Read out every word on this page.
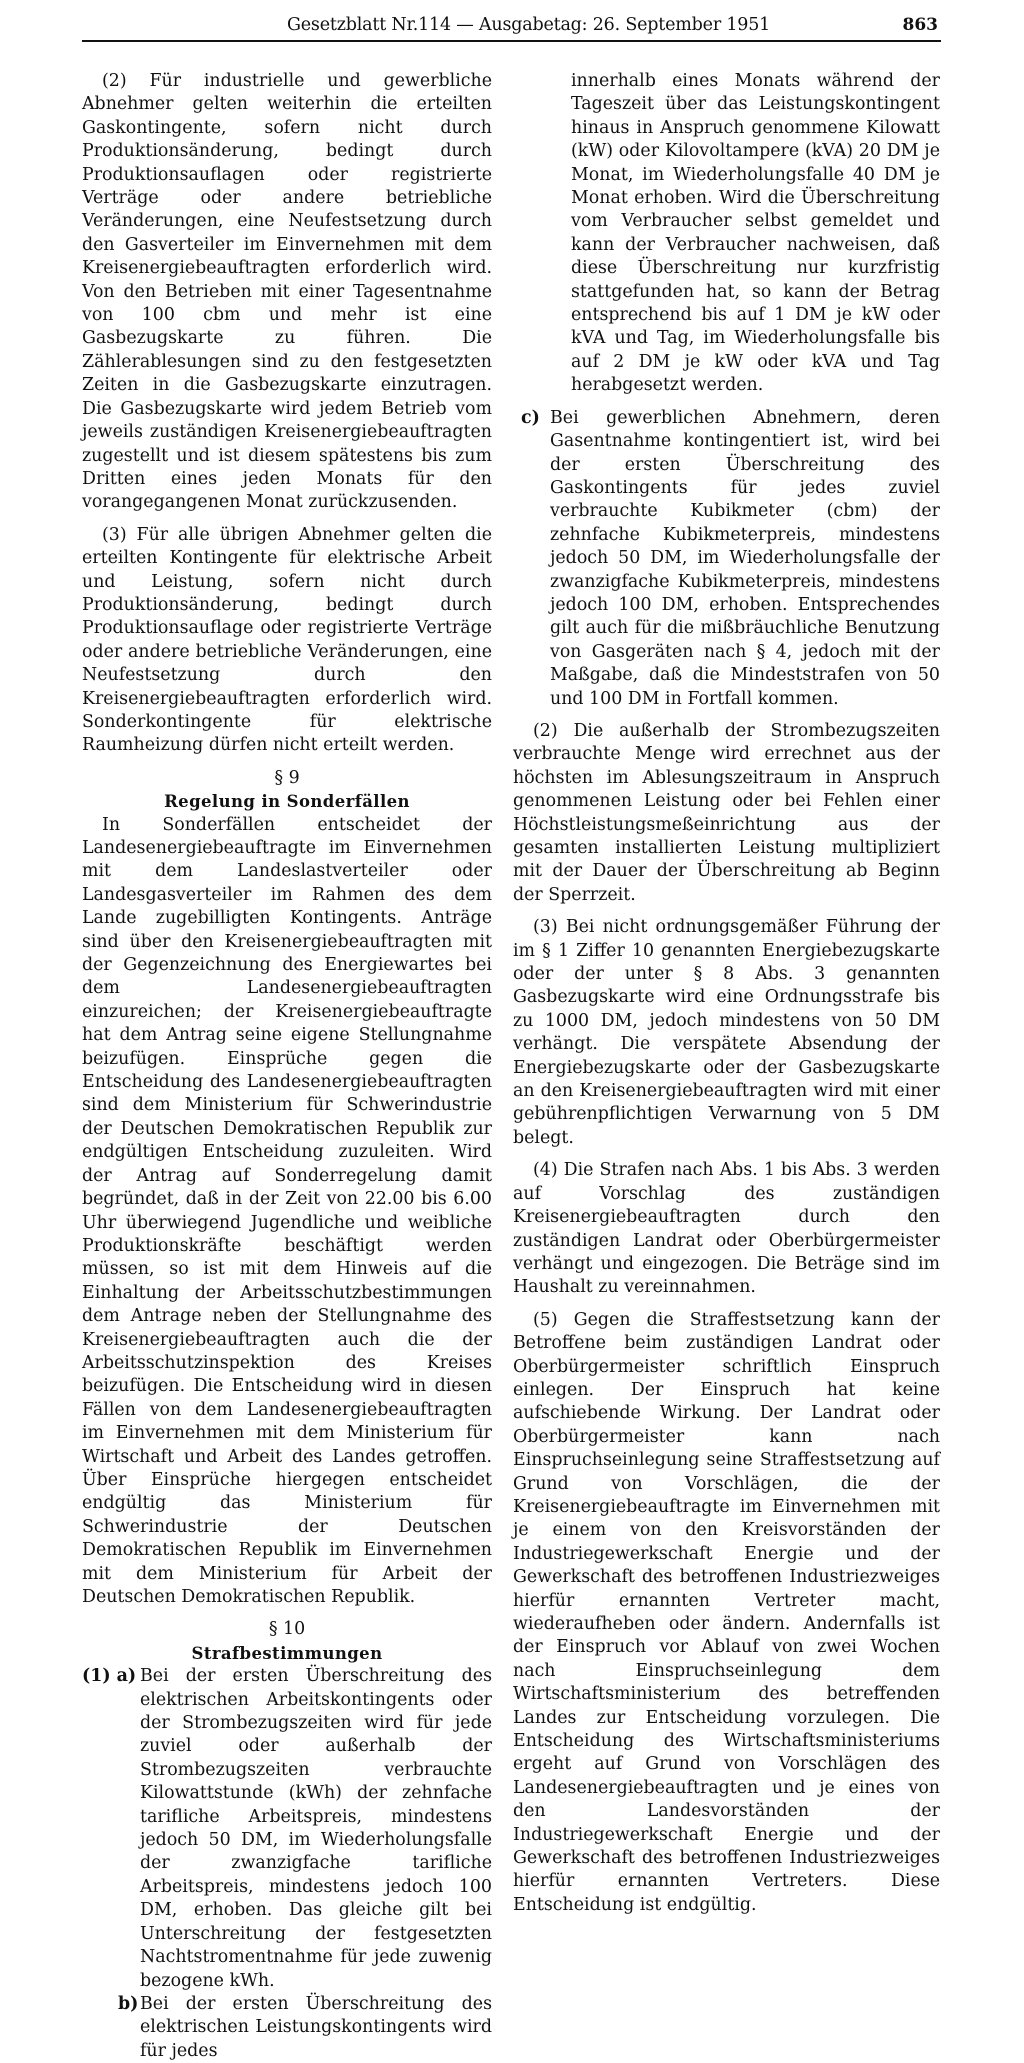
Gesetzblatt Nr.114 — Ausgabetag: 26. September 1951	863

(2) Für industrielle und gewerbliche Abnehmer gelten weiterhin die erteilten Gaskontingente, sofern nicht durch Produktionsänderung, bedingt durch Produktionsauflagen oder registrierte Verträge oder andere betriebliche Veränderungen, eine Neufestsetzung durch den Gasverteiler im Einvernehmen mit dem Kreisenergiebeauftragten erforderlich wird. Von den Betrieben mit einer Tagesentnahme von 100 cbm und mehr ist eine Gasbezugskarte zu führen. Die Zählerablesungen sind zu den festgesetzten Zeiten in die Gasbezugskarte einzutragen. Die Gasbezugskarte wird jedem Betrieb vom jeweils zuständigen Kreisenergiebeauftragten zugestellt und ist diesem spätestens bis zum Dritten eines jeden Monats für den vorangegangenen Monat zurückzusenden.

(3) Für alle übrigen Abnehmer gelten die erteilten Kontingente für elektrische Arbeit und Leistung, sofern nicht durch Produktionsänderung, bedingt durch Produktionsauflage oder registrierte Verträge oder andere betriebliche Veränderungen, eine Neufestsetzung durch den Kreisenergiebeauftragten erforderlich wird. Sonderkontingente für elektrische Raumheizung dürfen nicht erteilt werden.

§ 9
Regelung in Sonderfällen

In Sonderfällen entscheidet der Landesenergiebeauftragte im Einvernehmen mit dem Landeslastverteiler oder Landesgasverteiler im Rahmen des dem Lande zugebilligten Kontingents. Anträge sind über den Kreisenergiebeauftragten mit der Gegenzeichnung des Energiewartes bei dem Landesenergiebeauftragten einzureichen; der Kreisenergiebeauftragte hat dem Antrag seine eigene Stellungnahme beizufügen. Einsprüche gegen die Entscheidung des Landesenergiebeauftragten sind dem Ministerium für Schwerindustrie der Deutschen Demokratischen Republik zur endgültigen Entscheidung zuzuleiten. Wird der Antrag auf Sonderregelung damit begründet, daß in der Zeit von 22.00 bis 6.00 Uhr überwiegend Jugendliche und weibliche Produktionskräfte beschäftigt werden müssen, so ist mit dem Hinweis auf die Einhaltung der Arbeitsschutzbestimmungen dem Antrage neben der Stellungnahme des Kreisenergiebeauftragten auch die der Arbeitsschutzinspektion des Kreises beizufügen. Die Entscheidung wird in diesen Fällen von dem Landesenergiebeauftragten im Einvernehmen mit dem Ministerium für Wirtschaft und Arbeit des Landes getroffen. Über Einsprüche hiergegen entscheidet endgültig das Ministerium für Schwerindustrie der Deutschen Demokratischen Republik im Einvernehmen mit dem Ministerium für Arbeit der Deutschen Demokratischen Republik.

§ 10
Strafbestimmungen
(1) a) Bei der ersten Überschreitung des elektrischen Arbeitskontingents oder der Strombezugszeiten wird für jede zuviel oder außerhalb der Strombezugszeiten verbrauchte Kilowattstunde (kWh) der zehnfache tarifliche Arbeitspreis, mindestens jedoch 50 DM, im Wiederholungsfalle der zwanzigfache tarifliche Arbeitspreis, mindestens jedoch 100 DM, erhoben. Das gleiche gilt bei Unterschreitung der festgesetzten Nachtstromentnahme für jede zuwenig bezogene kWh.
b) Bei der ersten Überschreitung des elektrischen Leistungskontingents wird für jedes

innerhalb eines Monats während der Tageszeit über das Leistungskontingent hinaus in Anspruch genommene Kilowatt (kW) oder Kilovoltampere (kVA) 20 DM je Monat, im Wiederholungsfalle 40 DM je Monat erhoben. Wird die Überschreitung vom Verbraucher selbst gemeldet und kann der Verbraucher nachweisen, daß diese Überschreitung nur kurzfristig stattgefunden hat, so kann der Betrag entsprechend bis auf 1 DM je kW oder kVA und Tag, im Wiederholungsfalle bis auf 2 DM je kW oder kVA und Tag herabgesetzt werden.

c) Bei gewerblichen Abnehmern, deren Gasentnahme kontingentiert ist, wird bei der ersten Überschreitung des Gaskontingents für jedes zuviel verbrauchte Kubikmeter (cbm) der zehnfache Kubikmeterpreis, mindestens jedoch 50 DM, im Wiederholungsfalle der zwanzigfache Kubikmeterpreis, mindestens jedoch 100 DM, erhoben. Entsprechendes gilt auch für die mißbräuchliche Benutzung von Gasgeräten nach § 4, jedoch mit der Maßgabe, daß die Mindeststrafen von 50 und 100 DM in Fortfall kommen.

(2) Die außerhalb der Strombezugszeiten verbrauchte Menge wird errechnet aus der höchsten im Ablesungszeitraum in Anspruch genommenen Leistung oder bei Fehlen einer Höchstleistungsmeßeinrichtung aus der gesamten installierten Leistung multipliziert mit der Dauer der Überschreitung ab Beginn der Sperrzeit.

(3) Bei nicht ordnungsgemäßer Führung der im § 1 Ziffer 10 genannten Energiebezugskarte oder der unter § 8 Abs. 3 genannten Gasbezugskarte wird eine Ordnungsstrafe bis zu 1000 DM, jedoch mindestens von 50 DM verhängt. Die verspätete Absendung der Energiebezugskarte oder der Gasbezugskarte an den Kreisenergiebeauftragten wird mit einer gebührenpflichtigen Verwarnung von 5 DM belegt.

(4) Die Strafen nach Abs. 1 bis Abs. 3 werden auf Vorschlag des zuständigen Kreisenergiebeauftragten durch den zuständigen Landrat oder Oberbürgermeister verhängt und eingezogen. Die Beträge sind im Haushalt zu vereinnahmen.

(5) Gegen die Straffestsetzung kann der Betroffene beim zuständigen Landrat oder Oberbürgermeister schriftlich Einspruch einlegen. Der Einspruch hat keine aufschiebende Wirkung. Der Landrat oder Oberbürgermeister kann nach Einspruchseinlegung seine Straffestsetzung auf Grund von Vorschlägen, die der Kreisenergiebeauftragte im Einvernehmen mit je einem von den Kreisvorständen der Industriegewerkschaft Energie und der Gewerkschaft des betroffenen Industriezweiges hierfür ernannten Vertreter macht, wiederaufheben oder ändern. Andernfalls ist der Einspruch vor Ablauf von zwei Wochen nach Einspruchseinlegung dem Wirtschaftsministerium des betreffenden Landes zur Entscheidung vorzulegen. Die Entscheidung des Wirtschaftsministeriums ergeht auf Grund von Vorschlägen des Landesenergiebeauftragten und je eines von den Landesvorständen der Industriegewerkschaft Energie und der Gewerkschaft des betroffenen Industriezweiges hierfür ernannten Vertreters. Diese Entscheidung ist endgültig.
